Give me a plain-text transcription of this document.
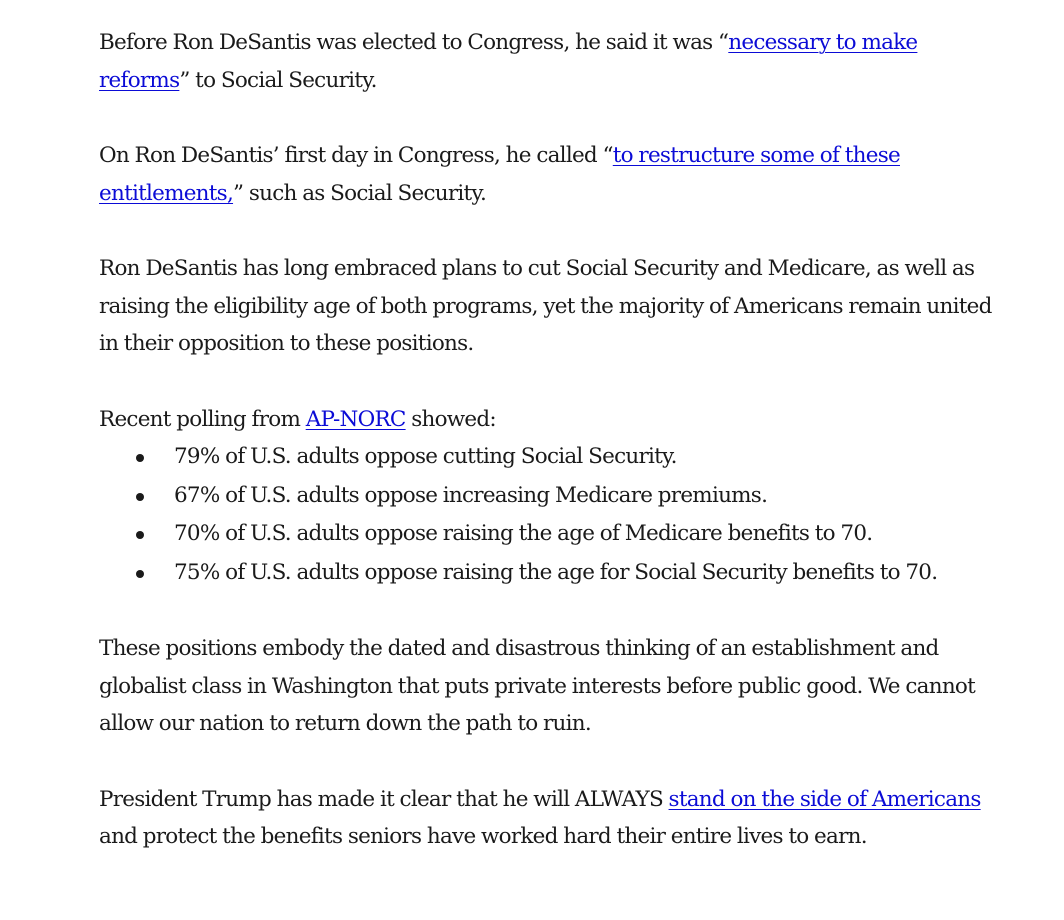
Before Ron DeSantis was elected to Congress, he said it was “necessary to make reforms” to Social Security.

On Ron DeSantis’ first day in Congress, he called “to restructure some of these entitlements,” such as Social Security.

Ron DeSantis has long embraced plans to cut Social Security and Medicare, as well as raising the eligibility age of both programs, yet the majority of Americans remain united in their opposition to these positions.

Recent polling from AP-NORC showed:

79% of U.S. adults oppose cutting Social Security.
67% of U.S. adults oppose increasing Medicare premiums.
70% of U.S. adults oppose raising the age of Medicare benefits to 70.
75% of U.S. adults oppose raising the age for Social Security benefits to 70.

These positions embody the dated and disastrous thinking of an establishment and globalist class in Washington that puts private interests before public good. We cannot allow our nation to return down the path to ruin.

President Trump has made it clear that he will ALWAYS stand on the side of Americans and protect the benefits seniors have worked hard their entire lives to earn.
